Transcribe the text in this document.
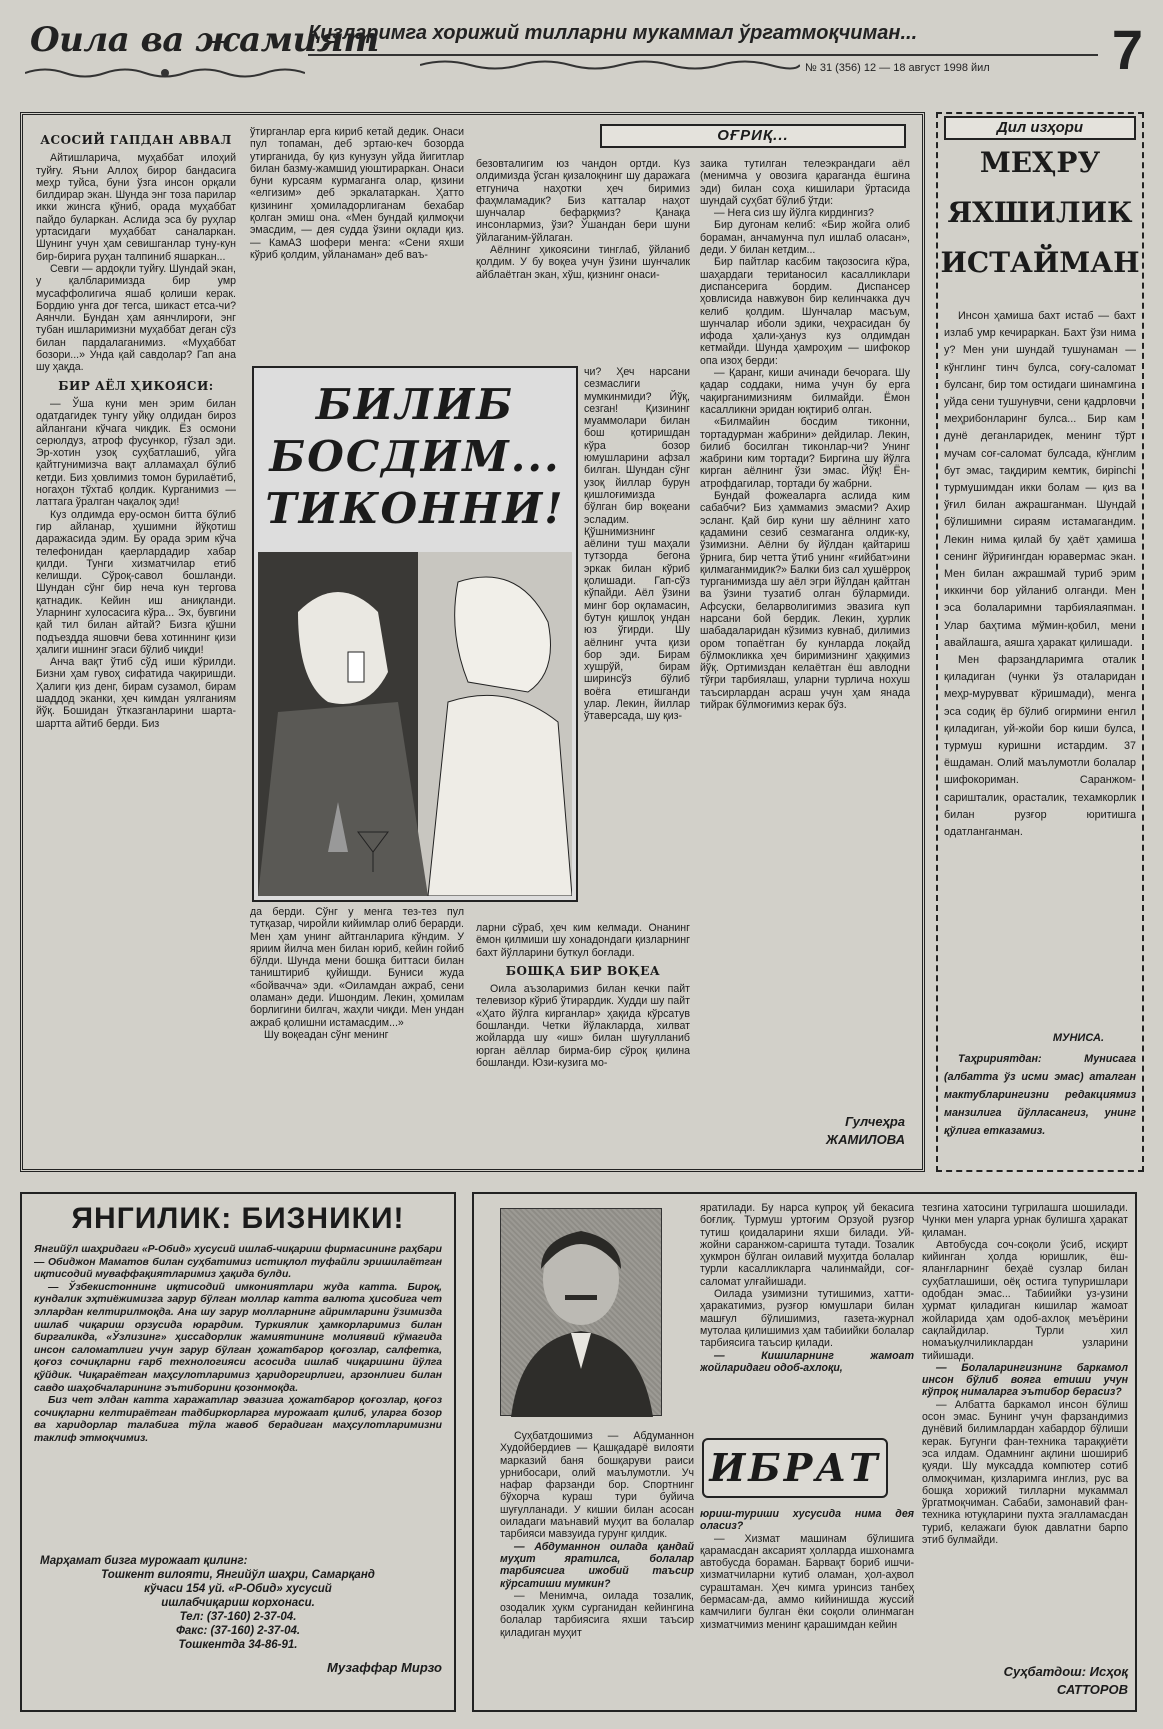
Оила ва жамият
Қизларимга хорижий тилларни мукаммал ўргатмоқчиман...
№ 31 (356) 12 — 18 август 1998 йил 7
АСОСИЙ ГАПДАН АВВАЛ

Айтишларича, муҳаббат илоҳий туйғу. Яъни Аллоҳ бирор бандасига меҳр туйса, буни ўзга инсон орқали билдирар экан. Шунда энг тоза парилар икки жинсга қўниб, орада муҳаббат пайдо буларкан. Аслида эса бу руҳлар уртасидаги муҳаббат саналаркан. Шунинг учун ҳам севишганлар туну-кун бир-бирига руҳан талпиниб яшаркан...

Севги — ардоқли туйғу. Шундай экан, у қалбларимизда бир умр мусаффолигича яшаб қолиши керак. Бордию унга доғ тегса, шикаст етса-чи? Аянчли. Бундан ҳам аянчлироғи, энг тубан ишларимизни муҳаббат деган сўз билан пардалаганимиз. «Муҳаббат бозори...» Унда қай савдолар? Гап ана шу ҳақда.

БИР АЁЛ ҲИКОЯСИ:

— Ўша куни мен эрим билан одатдагидек тунгу уйқу олдидан бироз айлангани кўчага чиқдик. Ёз осмони серюлдуз, атроф фусункор, гўзал эди. Эр-хотин узоқ суҳбатлашиб, уйга қайтгунимизча вақт алламаҳал бўлиб кетди. Биз ҳовлимиз томон бурилаётиб, ногаҳон тўхтаб қолдик. Курганимиз — латтага ўралган чақалоқ эди!

Куз олдимда еру-осмон битта бўлиб гир айланар, ҳушимни йўқотиш даражасида эдим. Бу орада эрим кўча телефонидан қаерлардадир хабар қилди. Тунги хизматчилар етиб келишди. Сўроқ-савол бошланди. Шундан сўнг бир неча кун тергова қатнадик. Кейин иш аниқланди. Уларнинг хулосасига кўра... Эх, бувгини қай тил билан айтай? Бизга қўшни подъездда яшовчи бева хотиннинг қизи ҳалиги ишнинг эгаси бўлиб чиқди!

Анча вақт ўтиб сўд иши кўрилди. Бизни ҳам гувоҳ сифатида чақиришди. Ҳалиги қиз денг, бирам сузамол, бирам шаддод эканки, ҳеч кимдан уялганиям йўқ. Бошидан ўтказганларини шарта-шартта айтиб берди. Биз

ўтирганлар ерга кириб кетай дедик. Онаси пул топаман, деб эртаю-кеч бозорда утирганида, бу қиз кунузун уйда йигитлар билан базму-жамшид уюштираркан. Онаси буни курсаям курмаганга олар, қизини «елгизим» деб эркалатаркан. Ҳатто қизининг ҳомиладорлиганам бехабар қолган эмиш она. «Мен бундай қилмоқчи эмасдим, — дея судда ўзини оқлади қиз. — КамАЗ шофери менга: «Сени яхши кўриб қолдим, уйланаман» деб ваъ-

ОҒРИҚ...

безовталигим юз чандон ортди. Куз олдимизда ўсган қизалоқнинг шу даражага етгунича наҳотки ҳеч биримиз фаҳмламадик? Биз катталар наҳот шунчалар бефарқмиз? Қанақа инсонлармиз, ўзи? Ўшандан бери шуни ўйлаганим-ўйлаган.

Аёлнинг ҳикоясини тинглаб, ўйланиб қолдим. У бу воқеа учун ўзини шунчалик айблаётган экан, хўш, қизнинг онаси-

БИЛИБ
БОСДИМ...
ТИКОННИ!

чи? Ҳеч нарсани сезмаслиги мумкинмиди? Йўқ, сезган! Қизининг муаммолари билан бош қотиришдан кўра бозор юмушларини афзал билган. Шундан сўнг узоқ йиллар бурун қишлоғимизда бўлган бир воқеани эсладим. Қўшнимизнинг аёлини туш маҳали тутзорда бегона эркак билан кўриб қолишади. Гап-сўз кўпайди. Аёл ўзини минг бор оқламасин, бутун қишлоқ ундан юз ўгирди. Шу аёлнинг учта қизи бор эди. Бирам хушрўй, бирам ширинсўз бўлиб воёга етишганди улар. Лекин, йиллар ўтаверсада, шу қиз-

да берди. Сўнг у менга тез-тез пул тутқазар, чиройли кийимлар олиб берарди. Мен ҳам унинг айтганларига кўндим. У яриим йилча мен билан юриб, кейин гойиб бўлди. Шунда мени бошқа биттаси билан таништириб қуйишди. Буниси жуда «бойвачча» эди. «Оиламдан ажраб, сени оламан» деди. Ишондим. Лекин, ҳомилам борлигини билгач, жаҳли чиқди. Мен ундан ажраб қолишни истамасдим...»

Шу воқеадан сўнг менинг

ларни сўраб, ҳеч ким келмади. Онанинг ёмон қилмиши шу хонадондаги қизларнинг бахт йўлларини буткул боғлади.

БОШҚА БИР ВОҚЕА

Оила аъзоларимиз билан кечки пайт телевизор кўриб ўтирардик. Худди шу пайт «Ҳато йўлга кирганлар» ҳақида кўрсатув бошланди. Четки йўлакларда, хилват жойларда шу «иш» билан шуғулланиб юрган аёллар бирма-бир сўроқ қилина бошланди. Юзи-кузига мо-

заика тутилган телеэкрандаги аёл (менимча у овозига қараганда ёшгина эди) билан соҳа кишилари ўртасида шундай суҳбат бўлиб ўтди:

— Нега сиз шу йўлга кирдингиз?

Бир дугонам келиб: «Бир жойга олиб бораман, анчамунча пул ишлаб оласан», деди. У билан кетдим...

Бир пайтлар касбим тақозосига кўра, шаҳардаги териtаносил касалликлари диспансерига бордим. Диспансер ҳовлисида навжувон бир келинчакка дуч келиб қолдим. Шунчалар масъум, шунчалар иболи эдики, чеҳрасидан бу ифода ҳали-ҳануз куз олдимдан кетмайди. Шунда ҳамроҳим — шифокор опа изоҳ берди:

— Қаранг, киши ачинади бечорага. Шу қадар соддаки, нима учун бу ерга чақирганимизниям билмайди. Ёмон касалликни эридан юқтириб олган.

«Билмайин босдим тиконни, тортадурман жабрини» дейдилар. Лекин, билиб босилган тиконлар-чи? Унинг жабрини ким тортади? Биргина шу йўлга кирган аёлнинг ўзи эмас. Йўқ! Ён-атрофдагилар, тортади бу жабрни.

Бундай фожеаларга аслида ким сабабчи? Биз ҳаммамиз эмасми? Ахир эсланг. Қай бир куни шу аёлнинг хато қадамини сезиб сезмаганга олдик-ку, ўзимизни. Аёлни бу йўлдан қайтариш ўрнига, бир четта ўтиб унинг «ғийбат»ини қилмаганмидик?» Балки биз сал ҳушёрроқ турганимизда шу аёл эгри йўлдан қайтган ва ўзини тузатиб олган бўлармиди. Афсуски, беларволигимиз эвазига куп нарсани бой бердик. Лекин, ҳурлик шабадаларидан кўзимиз кувнаб, дилимиз ором топаётган бу кунларда лоқайд бўлмокликка ҳеч биримизнинг ҳаққимиз йўқ. Ортимиздан келаётган ёш авлодни тўғри тарбиялаш, уларни турлича ноxуш таъсирлардан асраш учун ҳам янада тийрак бўлмоғимиз керак бўз.

Гулчеҳра
ЖАМИЛОВА
Дил изҳори
МЕҲРУ
ЯХШИЛИК
ИСТАЙМАН

Инсон ҳамиша бахт истаб — бахт излаб умр кечираркан. Бахт ўзи нима у? Мен уни шундай тушунаман — кўнглинг тинч булса, соғу-саломат булсанг, бир том остидаги шинамгина уйда сени тушунувчи, сени қадрловчи меҳрибонларинг булса... Бир кам дунё деганларидек, менинг тўрт мучам соғ-саломат булсада, кўнглим бут эмас, тақдирим кемтик, бирinchi турмушимдан икки болам — қиз ва ўғил билан ажрашганман. Шундай бўлишимни сираям истамагандим. Лекин нима қилай бу ҳаёт ҳамиша сенинг йўриғингдан юравермас экан. Мен билан ажрашмай туриб эрим иккинчи бор уйланиб олганди. Мен эса болаларимни тарбиялаяпман. Улар баҳтима мўмин-қобил, мени авайлашга, аяшга ҳаракат қилишади.

Мен фарзандларимга оталик қиладиган (чунки ўз оталаридан меҳр-мурувват кўришмади), менга эса содиқ ёр бўлиб огирмини енгил қиладиган, уй-жойи бор киши булса, турмуш куришни истардим. 37 ёшдаман. Олий маълумотли болалар шифокориман. Саранжом-саришталик, орасталик, теxамкорлик билан рузғор юритишга одатланганман.

МУНИСА.
Таҳририятдан: Мунисага (албатта ўз исми эмас) аталган мактубларингизни редакциямиз манзилига йўлласангиз, унинг қўлига етказамиз.
ЯНГИЛИК: БИЗНИКИ!

Янгийўл шаҳридаги «Р-Обид» хусусий ишлаб-чиқариш фирмасининг раҳбари — Обиджон Маматов билан суҳбатимиз истиқлол туфайли эришилаётган иқтисодий муваффақиятларимиз ҳақида булди.

— Ўзбекистоннинг иқтисодий имкониятлари жуда катта. Бироқ, кундалик эҳтиёжимизга зарур бўлган моллар катта валюта ҳисобига чет эллардан келтирилмоқда. Ана шу зарур молларнинг айримларини ўзимизда ишлаб чиқариш орзусида юрардим. Туркиялик ҳамкорларимиз билан биргаликда, «Ўзлизинг» ҳиссадорлик жамиятининг молиявий кўмагида инсон саломатлиги учун зарур бўлган ҳожатбарор қоғозлар, салфетка, қоғоз сочиқларни ғарб технологияси асосида ишлаб чиқаришни йўлга қўйдик. Чиқараётган маҳсулотларимиз ҳаридоргирлиги, арзонлиги билан савдо шаҳобчаларининг эътиборини қозонмоқда.

Биз чет элдан катта харажатлар эвазига ҳожатбарор қоғозлар, қоғоз сочиқларни келтираётган тадбиркорларга мурожаат қилиб, уларга бозор ва харидорлар талабига тўла жавоб берадиган маҳсулотларимизни таклиф этмоқчимиз.

Марҳамат бизга мурожаат қилинг:
Тошкент вилояти, Янгийўл шаҳри, Самарқанд
кўчаси 154 уй. «Р-Обид» хусусий
ишлабчиқариш корхонаси.
Тел: (37-160) 2-37-04.
Факс: (37-160) 2-37-04.
Тошкентда 34-86-91.
Музаффар Мирзо

Суҳбатдошимиз — Абдуманнон Худойбердиев — Қашқадарё вилояти марказий баня бошқаруви раиси урнибосари, олий маълумотли. Уч нафар фарзанди бор. Спортнинг бўхорча кураш тури буйича шуғулланади. У кишии билан асосан оиладаги маънавий муҳит ва болалар тарбияси мавзуида гурунг қилдик.

— Абдуманнон оилада қандай муҳит яратилса, болалар тарбиясига ижобий таъсир кўрсатиши мумкин?

— Менимча, оилада тозалик, озодалик ҳукм сурганидан кейингина болалар тарбиясига яхши таъсир қиладиган муҳит

яратилади. Бу нарса купроқ уй бекасига боғлиқ. Турмуш уртоғим Орзуой рузғор тутиш қоидаларини яхши билади. Уй-жойни саранжом-саришта тутади. Тозалик ҳукмрон бўлган оилавий муҳитда болалар турли касалликларга чалинмайди, соғ-саломат улғайишади.

Оилада узимизни тутишимиз, хатти-ҳаракатимиз, рузғор юмушлари билан машғул бўлишимиз, газета-журнал мутолаа қилишимиз ҳам табиийки болалар тарбиясига таъсир қилади.

— Кишиларнинг жамоат жойларидаги одоб-ахлоқи,

ИБРАТ

юриш-туриши хусусида нима дея оласиз?

— Хизмат машинам бўлишига қарамасдан аксарият ҳолларда ишхонамга автобусда бораман. Барвақт бориб ишчи-хизматчиларни кутиб оламан, ҳол-аҳвол сураштаман. Ҳеч кимга уринсиз танбеҳ бермасам-да, аммо кийинишда жуссий камчилиги булган ёки соқоли олинмаган хизматчимиз менинг қарашимдан кейин

тезгина хатосини тугрилашга шошилади. Чунки мен уларга урнак булишга ҳаракат қиламан.

Автобусда соч-соқоли ўсиб, исқирт кийинган ҳолда юришлик, ёш-яланғларнинг беҳаё сузлар билан суҳбатлашиши, оёқ остига тупуришлари одобдан эмас... Табиийки уз-узини ҳурмат қиладиган кишилар жамоат жойларида ҳам одоб-ахлоқ меъёрини сақлайдилар. Турли хил номаъқулчиликлардан узларини тийишади.

— Болаларингизнинг баркамол инсон бўлиб вояга етиши учун кўпроқ нималарга эътибор берасиз?

— Албатта баркамол инсон бўлиш осон эмас. Бунинг учун фарзандимиз дунёвий билимлардан хабардор бўлиши керак. Бугунги фан-техника тараққиёти эса илдам. Одамнинг ақлини шошириб қуяди. Шу муксадда компютер сотиб олмоқчиман, қизларимга инглиз, рус ва бошқа хорижий тилларни мукаммал ўргатмоқчиман. Сабаби, замонавий фан-техника ютуқларини пухта эгалламасдан туриб, келажаги буюк давлатни барпо этиб булмайди.

Суҳбатдош: Исҳоқ
САТТОРОВ
